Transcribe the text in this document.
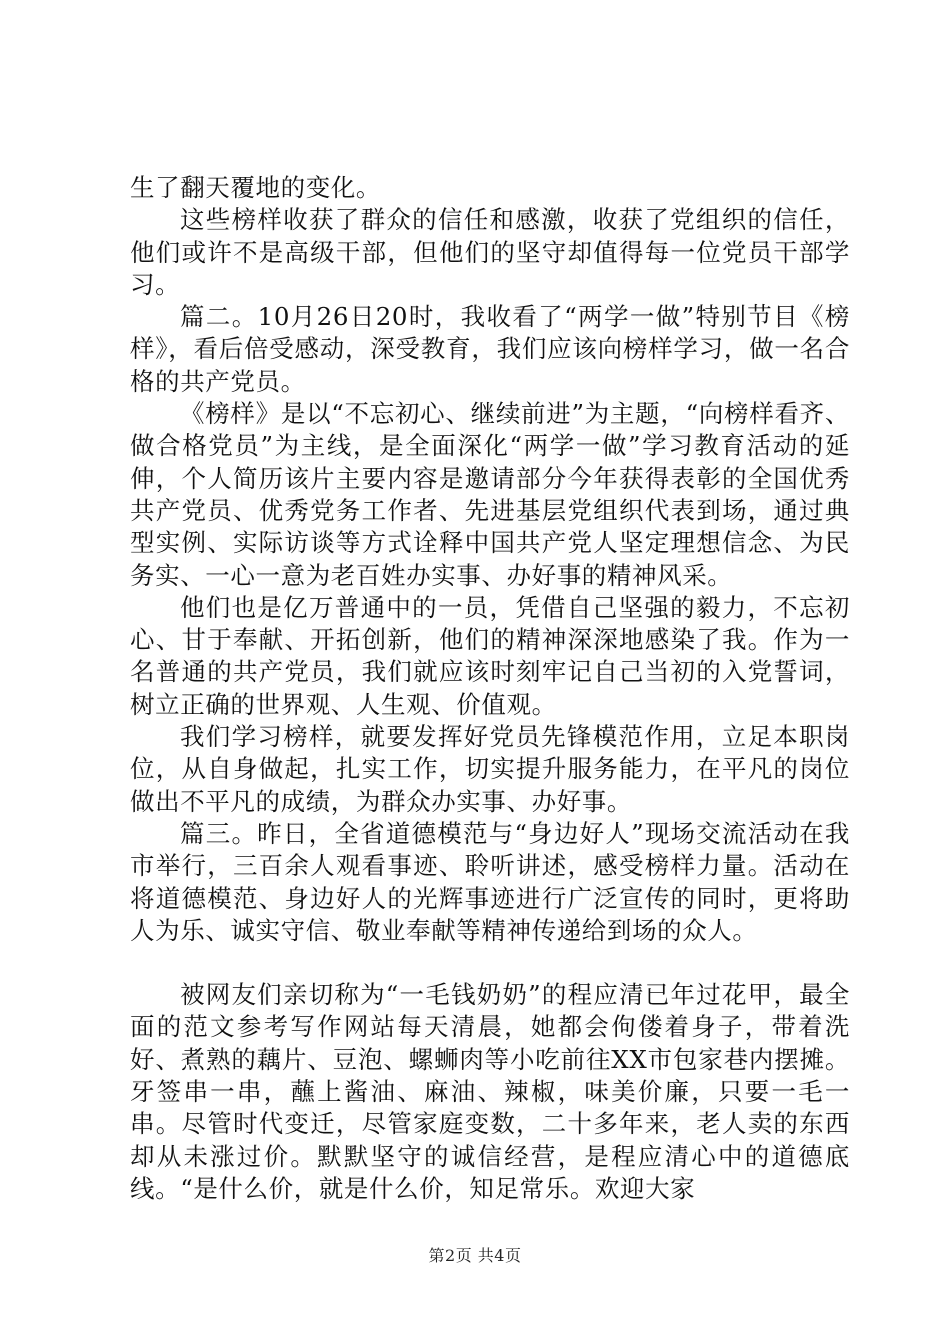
生了翻天覆地的变化。

这些榜样收获了群众的信任和感激，收获了党组织的信任，他们或许不是高级干部，但他们的坚守却值得每一位党员干部学习。

篇二。10月26日20时，我收看了“两学一做”特别节目《榜样》，看后倍受感动，深受教育，我们应该向榜样学习，做一名合格的共产党员。

《榜样》是以“不忘初心、继续前进”为主题，“向榜样看齐、做合格党员”为主线，是全面深化“两学一做”学习教育活动的延伸，个人简历该片主要内容是邀请部分今年获得表彰的全国优秀共产党员、优秀党务工作者、先进基层党组织代表到场，通过典型实例、实际访谈等方式诠释中国共产党人坚定理想信念、为民务实、一心一意为老百姓办实事、办好事的精神风采。

他们也是亿万普通中的一员，凭借自己坚强的毅力，不忘初心、甘于奉献、开拓创新，他们的精神深深地感染了我。作为一名普通的共产党员，我们就应该时刻牢记自己当初的入党誓词，树立正确的世界观、人生观、价值观。

我们学习榜样，就要发挥好党员先锋模范作用，立足本职岗位，从自身做起，扎实工作，切实提升服务能力，在平凡的岗位做出不平凡的成绩，为群众办实事、办好事。

篇三。昨日，全省道德模范与“身边好人”现场交流活动在我市举行，三百余人观看事迹、聆听讲述，感受榜样力量。活动在将道德模范、身边好人的光辉事迹进行广泛宣传的同时，更将助人为乐、诚实守信、敬业奉献等精神传递给到场的众人。

被网友们亲切称为“一毛钱奶奶”的程应清已年过花甲，最全面的范文参考写作网站每天清晨，她都会佝偻着身子，带着洗好、煮熟的藕片、豆泡、螺蛳肉等小吃前往XX市包家巷内摆摊。牙签串一串，蘸上酱油、麻油、辣椒，味美价廉，只要一毛一串。尽管时代变迁，尽管家庭变数，二十多年来，老人卖的东西却从未涨过价。默默坚守的诚信经营，是程应清心中的道德底线。“是什么价，就是什么价，知足常乐。欢迎大家

第2页 共4页
